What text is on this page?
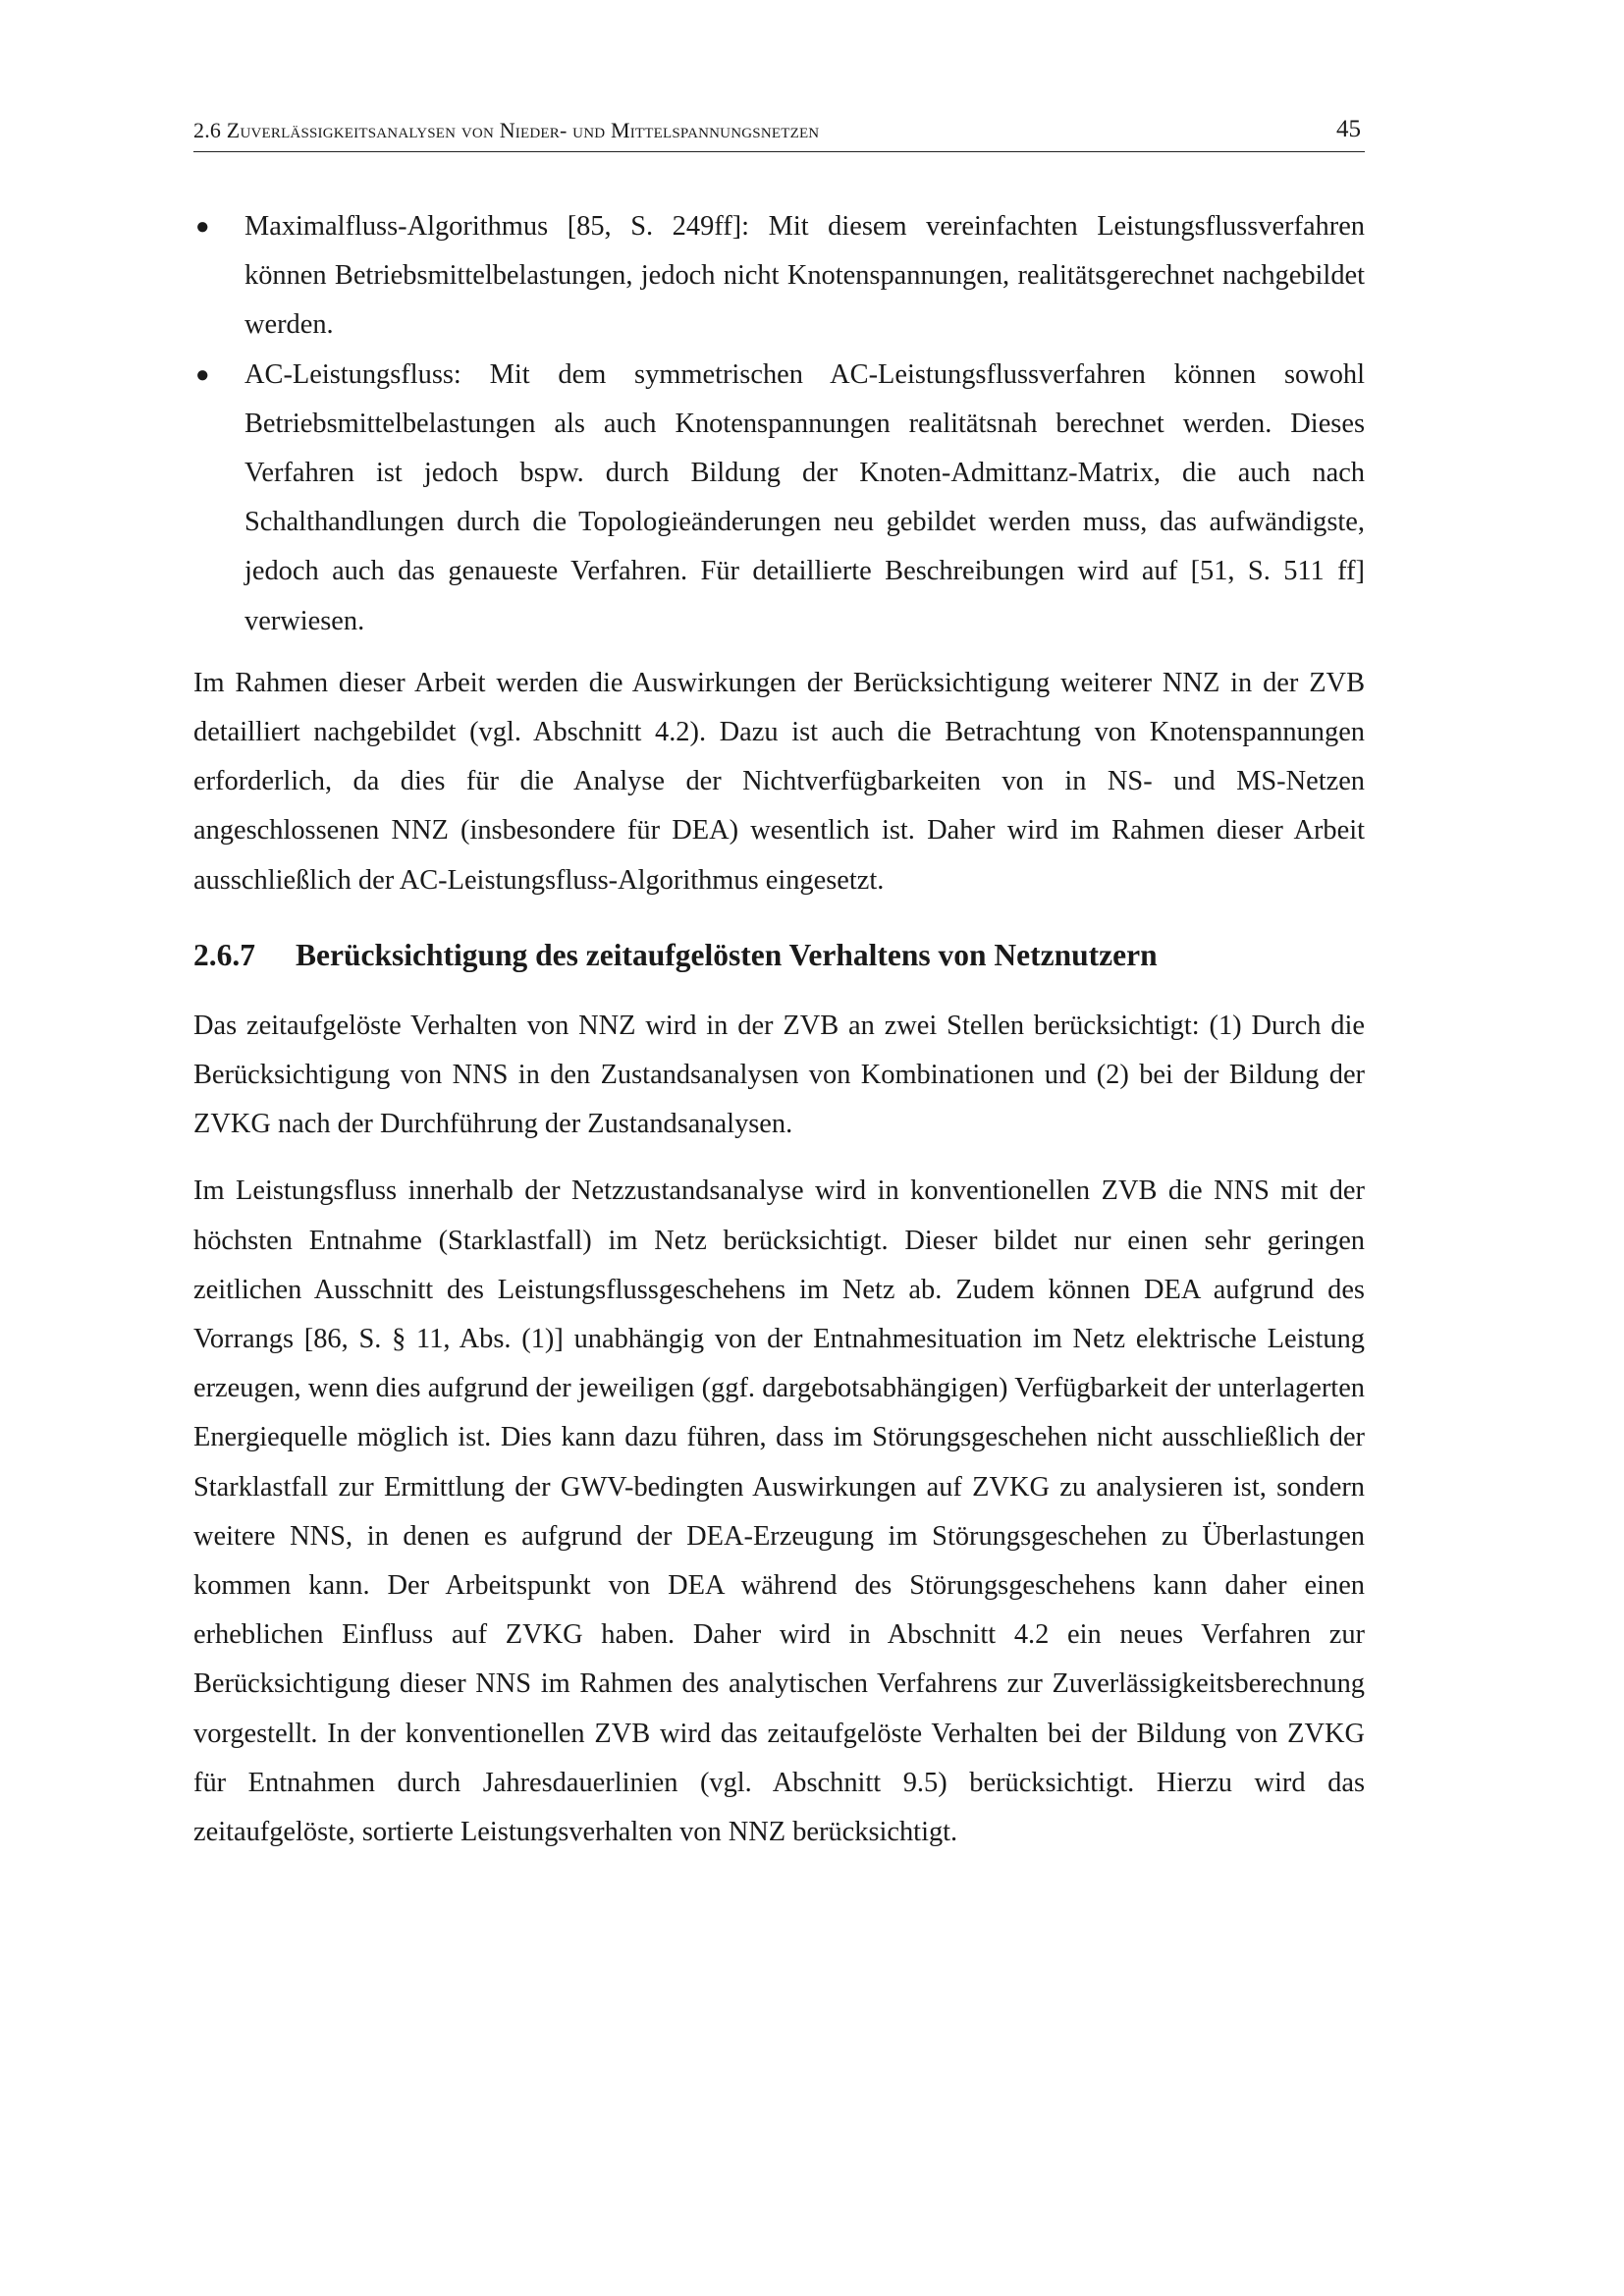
2.6 Zuverlässigkeitsanalysen von Nieder- und Mittelspannungsnetzen	45
● Maximalfluss-Algorithmus [85, S. 249ff]: Mit diesem vereinfachten Leistungsflussverfahren können Betriebsmittelbelastungen, jedoch nicht Knotenspannungen, realitätsgerechnet nachgebildet werden.
● AC-Leistungsfluss: Mit dem symmetrischen AC-Leistungsflussverfahren können sowohl Betriebsmittelbelastungen als auch Knotenspannungen realitätsnah berechnet werden. Dieses Verfahren ist jedoch bspw. durch Bildung der Knoten-Admittanz-Matrix, die auch nach Schalthandlungen durch die Topologieänderungen neu gebildet werden muss, das aufwändigste, jedoch auch das genaueste Verfahren. Für detaillierte Beschreibungen wird auf [51, S. 511 ff] verwiesen.

Im Rahmen dieser Arbeit werden die Auswirkungen der Berücksichtigung weiterer NNZ in der ZVB detailliert nachgebildet (vgl. Abschnitt 4.2). Dazu ist auch die Betrachtung von Knotenspannungen erforderlich, da dies für die Analyse der Nichtverfügbarkeiten von in NS- und MS-Netzen angeschlossenen NNZ (insbesondere für DEA) wesentlich ist. Daher wird im Rahmen dieser Arbeit ausschließlich der AC-Leistungsfluss-Algorithmus eingesetzt.

2.6.7 Berücksichtigung des zeitaufgelösten Verhaltens von Netznutzern

Das zeitaufgelöste Verhalten von NNZ wird in der ZVB an zwei Stellen berücksichtigt: (1) Durch die Berücksichtigung von NNS in den Zustandsanalysen von Kombinationen und (2) bei der Bildung der ZVKG nach der Durchführung der Zustandsanalysen.

Im Leistungsfluss innerhalb der Netzzustandsanalyse wird in konventionellen ZVB die NNS mit der höchsten Entnahme (Starklastfall) im Netz berücksichtigt. Dieser bildet nur einen sehr geringen zeitlichen Ausschnitt des Leistungsflussgeschehens im Netz ab. Zudem können DEA aufgrund des Vorrangs [86, S. § 11, Abs. (1)] unabhängig von der Entnahmesituation im Netz elektrische Leistung erzeugen, wenn dies aufgrund der jeweiligen (ggf. dargebotsabhängigen) Verfügbarkeit der unterlagerten Energiequelle möglich ist. Dies kann dazu führen, dass im Störungsgeschehen nicht ausschließlich der Starklastfall zur Ermittlung der GWV-bedingten Auswirkungen auf ZVKG zu analysieren ist, sondern weitere NNS, in denen es aufgrund der DEA-Erzeugung im Störungsgeschehen zu Überlastungen kommen kann. Der Arbeitspunkt von DEA während des Störungsgeschehens kann daher einen erheblichen Einfluss auf ZVKG haben. Daher wird in Abschnitt 4.2 ein neues Verfahren zur Berücksichtigung dieser NNS im Rahmen des analytischen Verfahrens zur Zuverlässigkeitsberechnung vorgestellt. In der konventionellen ZVB wird das zeitaufgelöste Verhalten bei der Bildung von ZVKG für Entnahmen durch Jahresdauerlinien (vgl. Abschnitt 9.5) berücksichtigt. Hierzu wird das zeitaufgelöste, sortierte Leistungsverhalten von NNZ berücksichtigt.
